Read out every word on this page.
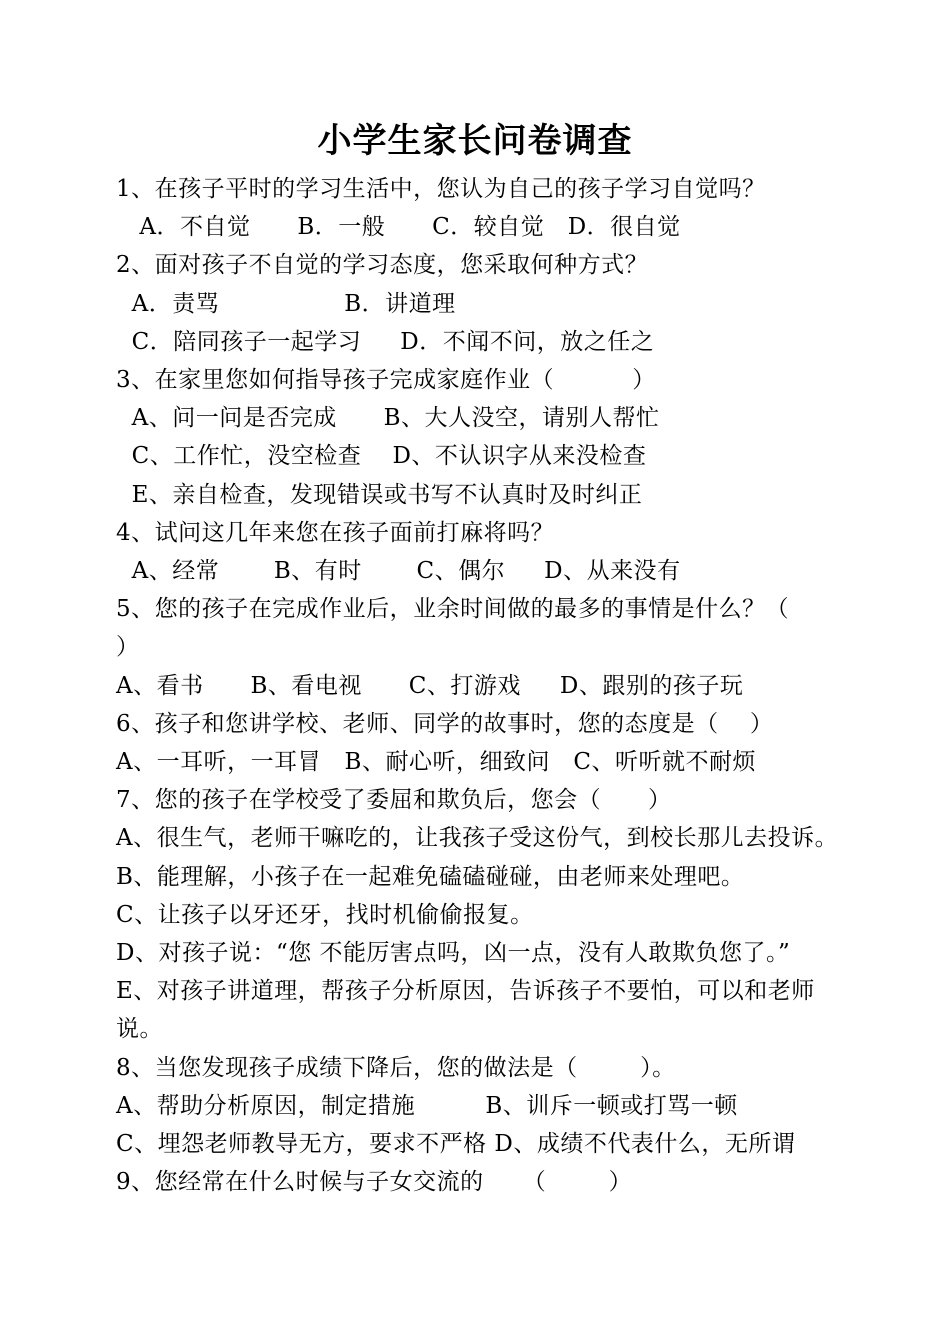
小学生家长问卷调查
1、在孩子平时的学习生活中，您认为自己的孩子学习自觉吗？
A．不自觉      B．一般      C．较自觉   D．很自觉
2、面对孩子不自觉的学习态度，您采取何种方式？
A．责骂                B．讲道理
C．陪同孩子一起学习     D．不闻不问，放之任之
3、在家里您如何指导孩子完成家庭作业（          ）
A、问一问是否完成      B、大人没空，请别人帮忙
C、工作忙，没空检查    D、不认识字从来没检查
E、亲自检查，发现错误或书写不认真时及时纠正
4、试问这几年来您在孩子面前打麻将吗？
A、经常       B、有时       C、偶尔     D、从来没有
5、您的孩子在完成作业后，业余时间做的最多的事情是什么？（
）
A、看书      B、看电视      C、打游戏     D、跟别的孩子玩
6、孩子和您讲学校、老师、同学的故事时，您的态度是（    ）
A、一耳听，一耳冒   B、耐心听，细致问   C、听听就不耐烦
7、您的孩子在学校受了委屈和欺负后，您会（      ）
A、很生气，老师干嘛吃的，让我孩子受这份气，到校长那儿去投诉。
B、能理解，小孩子在一起难免磕磕碰碰，由老师来处理吧。
C、让孩子以牙还牙，找时机偷偷报复。
D、对孩子说：“您 不能厉害点吗，凶一点，没有人敢欺负您了。”
E、对孩子讲道理，帮孩子分析原因，告诉孩子不要怕，可以和老师
说。
8、当您发现孩子成绩下降后，您的做法是（        ）。
A、帮助分析原因，制定措施         B、训斥一顿或打骂一顿
C、埋怨老师教导无方，要求不严格 D、成绩不代表什么，无所谓
9、您经常在什么时候与子女交流的     （        ）
